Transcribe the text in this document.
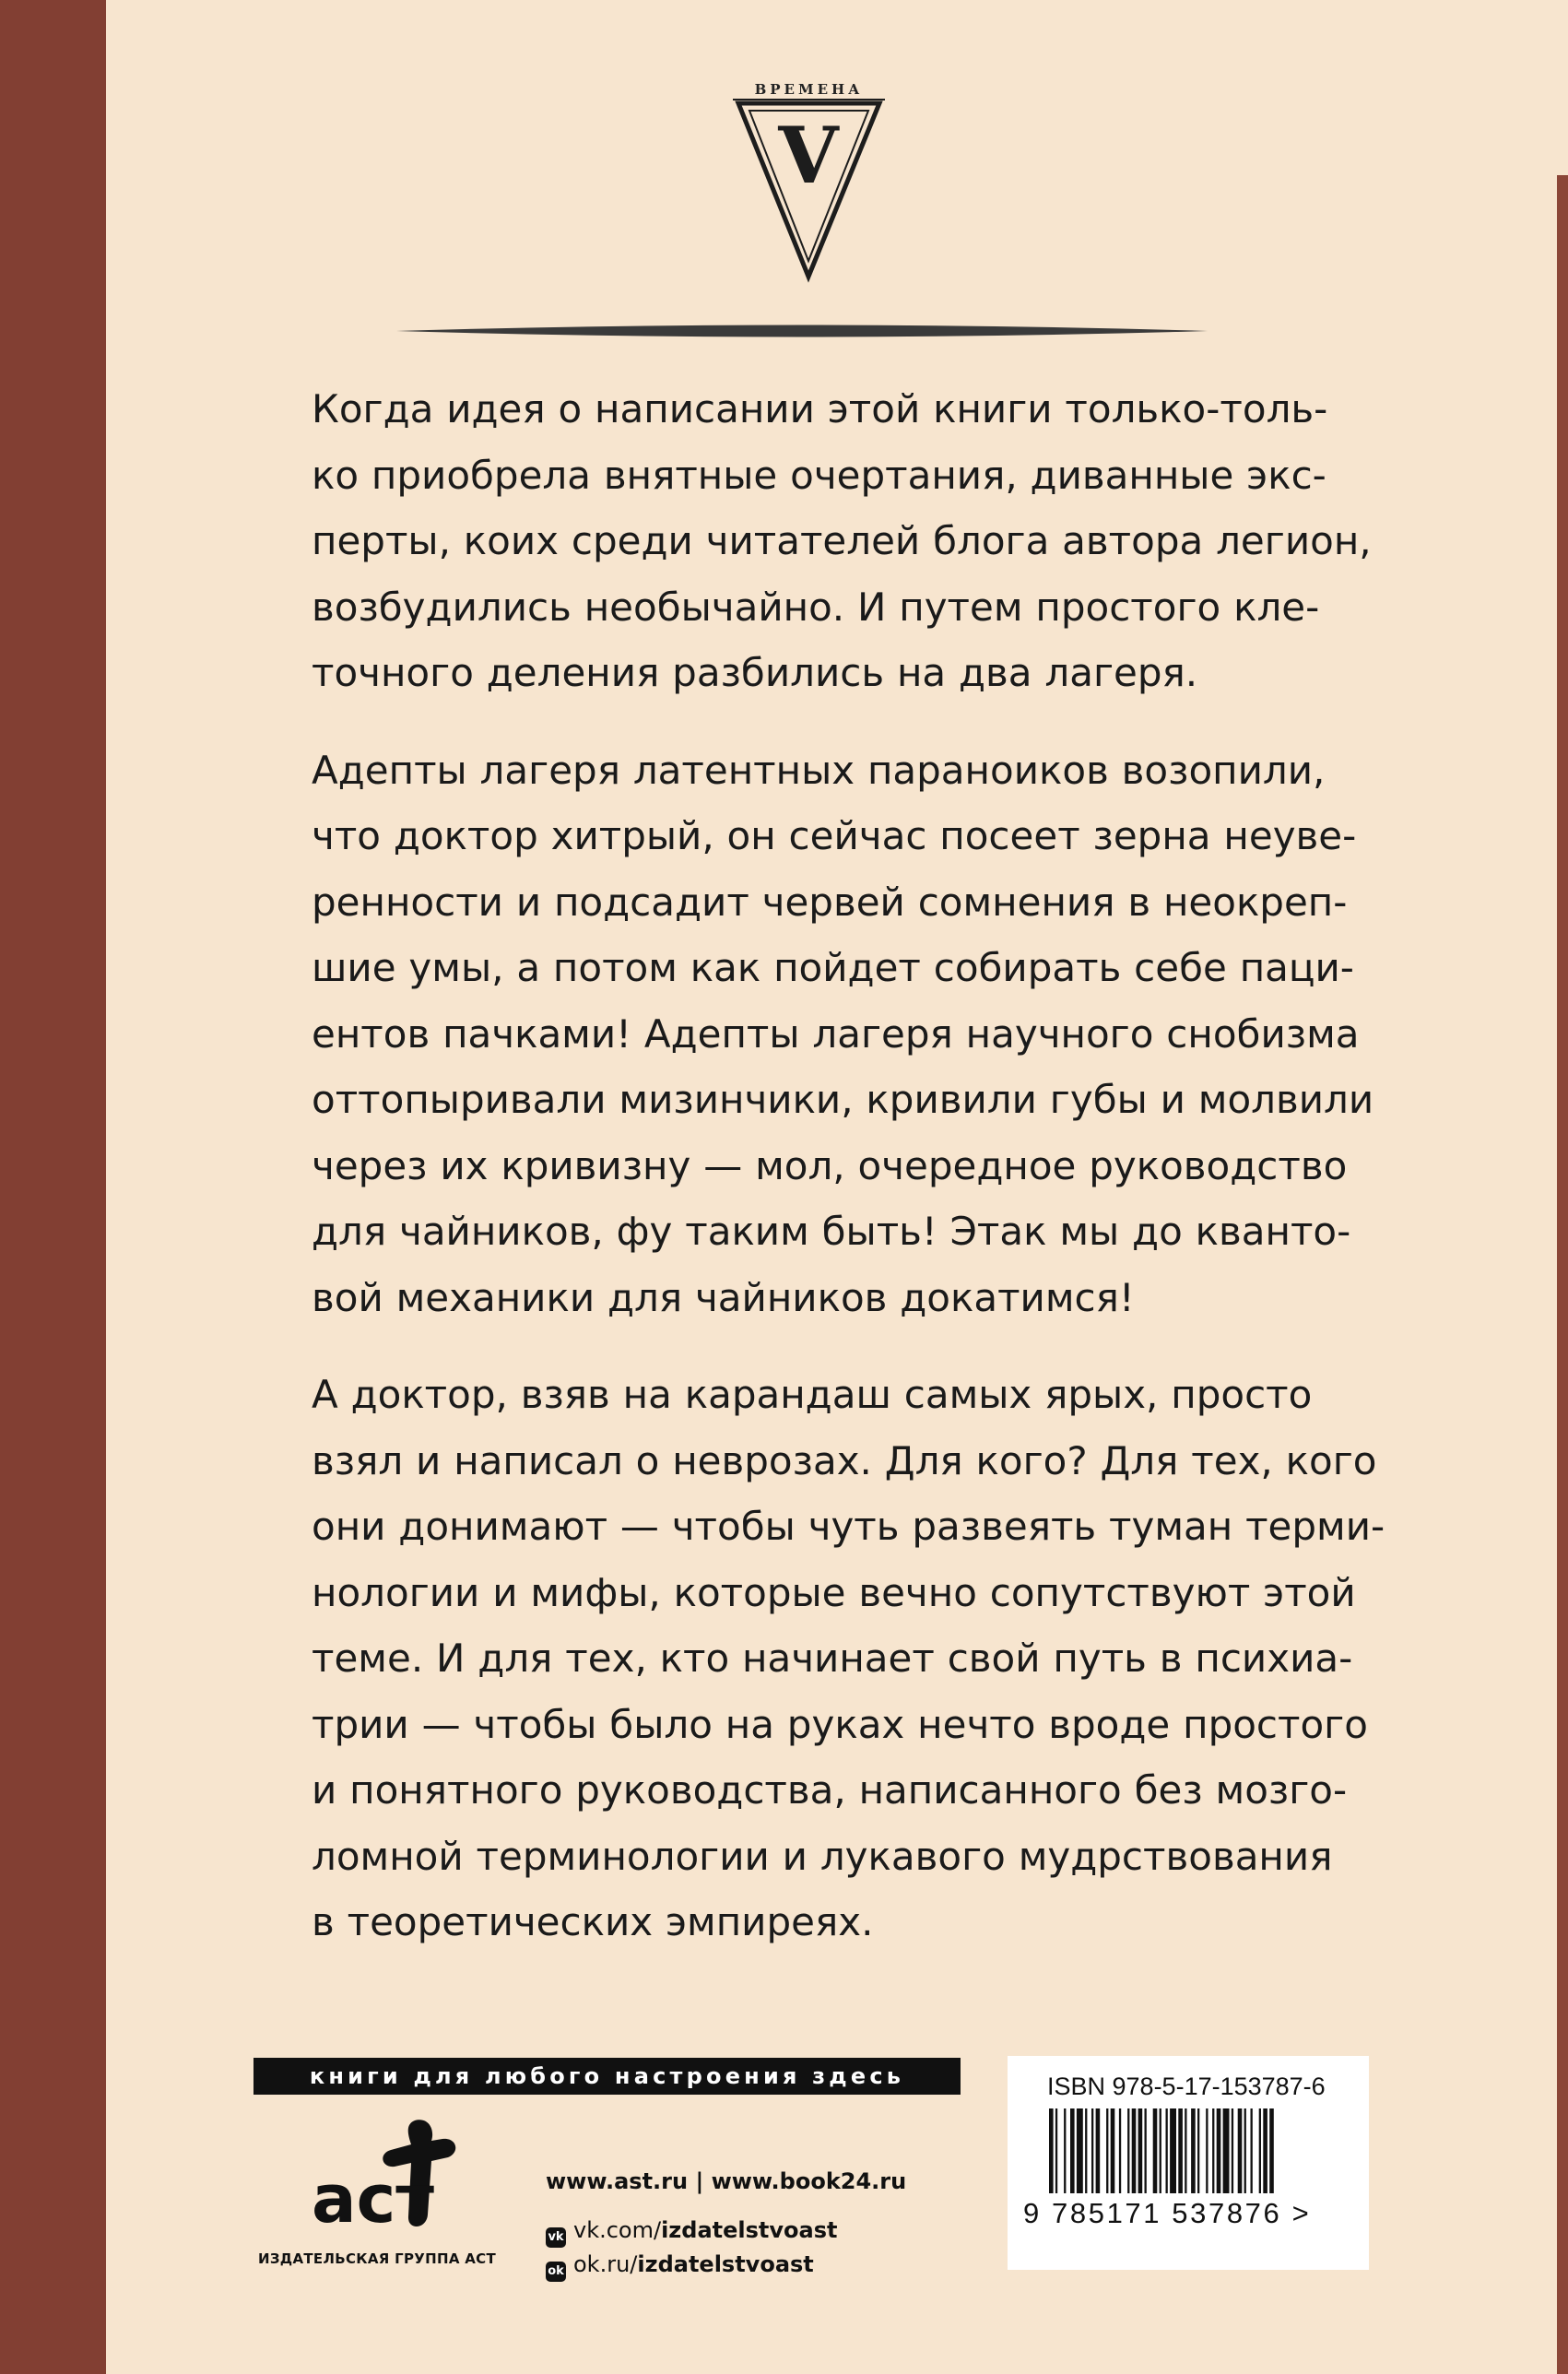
V
ВРЕМЕНА
Когда идея о написании этой книги только-толь-
ко приобрела внятные очертания, диванные экс-
перты, коих среди читателей блога автора легион,
возбудились необычайно. И путем простого кле-
точного деления разбились на два лагеря.
Адепты лагеря латентных параноиков возопили,
что доктор хитрый, он сейчас посеет зерна неуве-
ренности и подсадит червей сомнения в неокреп-
шие умы, а потом как пойдет собирать себе паци-
ентов пачками! Адепты лагеря научного снобизма
оттопыривали мизинчики, кривили губы и молвили
через их кривизну — мол, очередное руководство
для чайников, фу таким быть! Этак мы до кванто-
вой механики для чайников докатимся!
А доктор, взяв на карандаш самых ярых, просто
взял и написал о неврозах. Для кого? Для тех, кого
они донимают — чтобы чуть развеять туман терми-
нологии и мифы, которые вечно сопутствуют этой
теме. И для тех, кто начинает свой путь в психиа-
трии — чтобы было на руках нечто вроде простого
и понятного руководства, написанного без мозго-
ломной терминологии и лукавого мудрствования
в теоретических эмпиреях.
книги для любого настроения здесь
аст
ИЗДАТЕЛЬСКАЯ ГРУППА АСТ
www.ast.ru | www.book24.ru
vk vk.com/izdatelstvoast
ok ok.ru/izdatelstvoast
ISBN 978-5-17-153787-6
9 785171 537876 >
